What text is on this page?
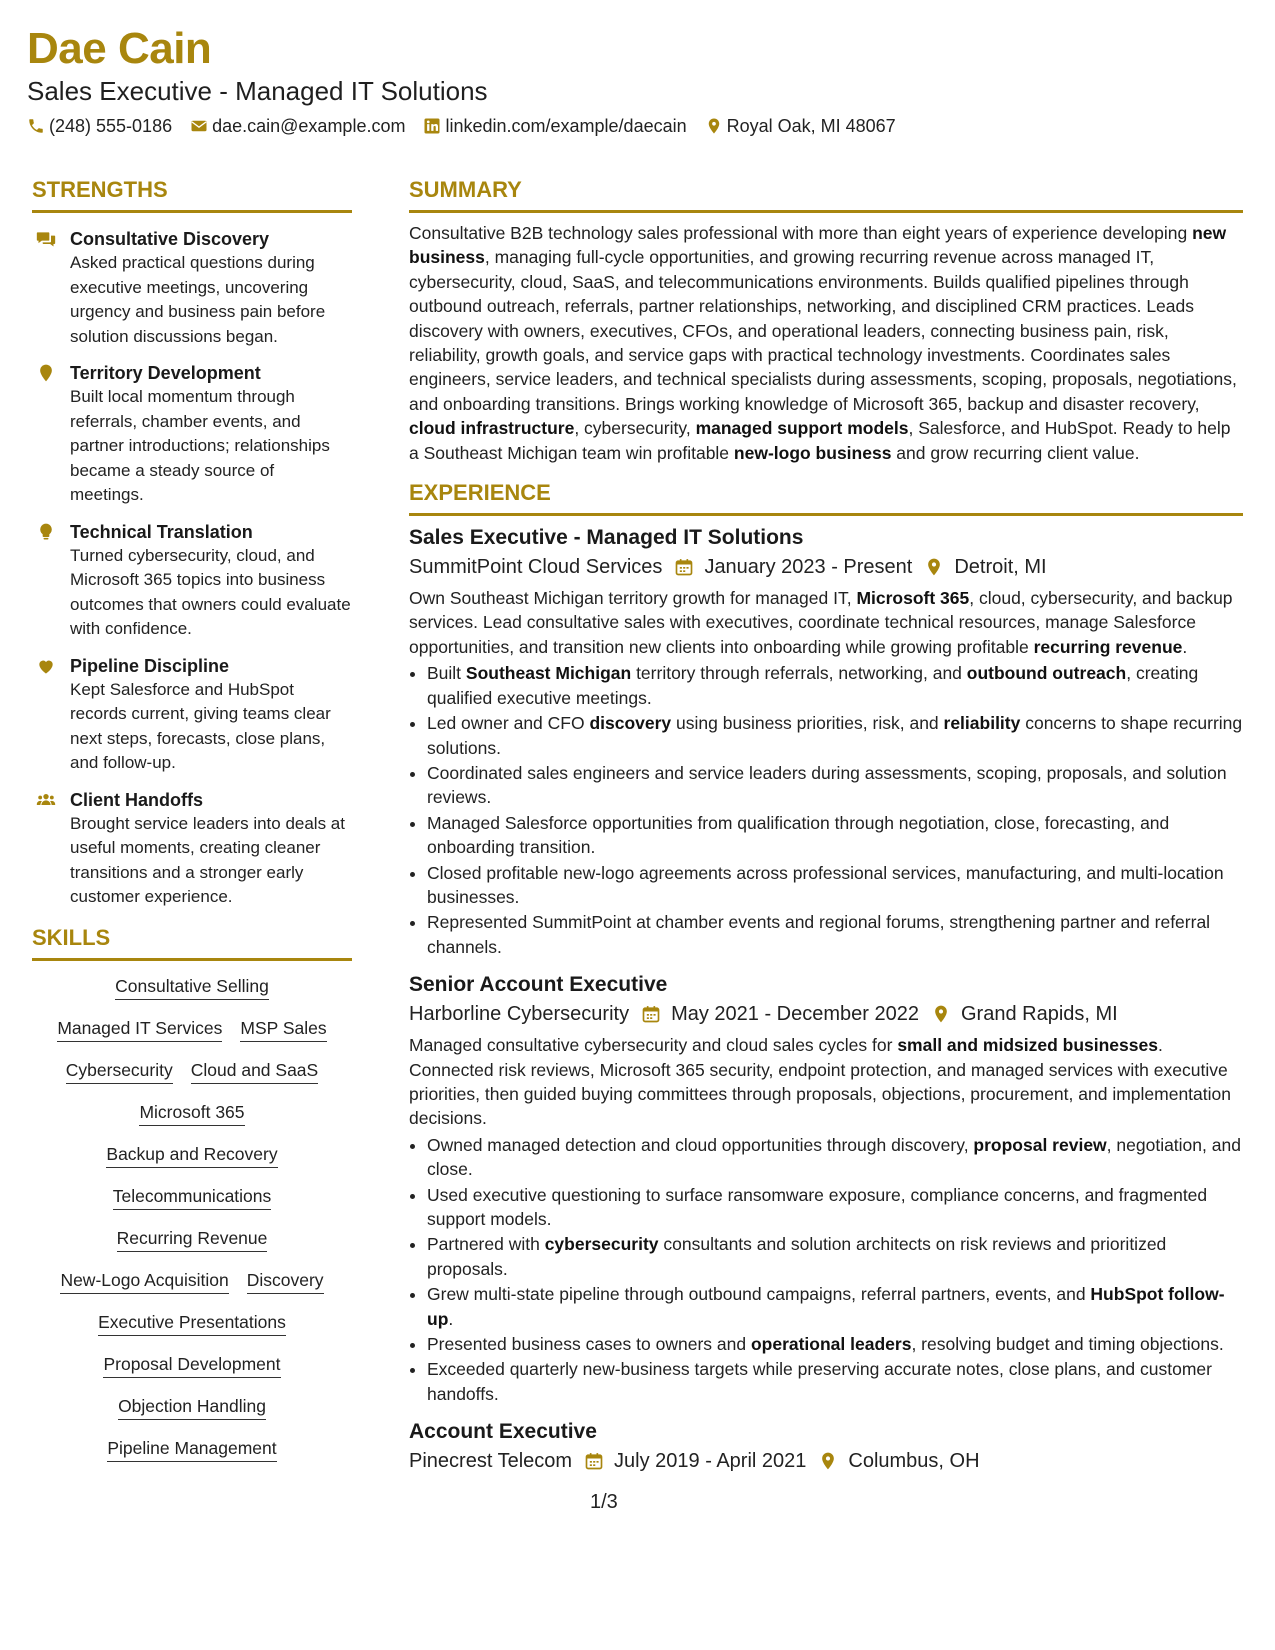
Dae Cain
Sales Executive - Managed IT Solutions
(248) 555-0186 dae.cain@example.com linkedin.com/example/daecain Royal Oak, MI 48067
STRENGTHS
Consultative Discovery
Asked practical questions during executive meetings, uncovering urgency and business pain before solution discussions began.
Territory Development
Built local momentum through referrals, chamber events, and partner introductions; relationships became a steady source of meetings.
Technical Translation
Turned cybersecurity, cloud, and Microsoft 365 topics into business outcomes that owners could evaluate with confidence.
Pipeline Discipline
Kept Salesforce and HubSpot records current, giving teams clear next steps, forecasts, close plans, and follow-up.
Client Handoffs
Brought service leaders into deals at useful moments, creating cleaner transitions and a stronger early customer experience.
SKILLS
Consultative Selling
Managed IT Services MSP Sales
Cybersecurity Cloud and SaaS
Microsoft 365
Backup and Recovery
Telecommunications
Recurring Revenue
New-Logo Acquisition Discovery
Executive Presentations
Proposal Development
Objection Handling
Pipeline Management
SUMMARY
Consultative B2B technology sales professional with more than eight years of experience developing new business, managing full-cycle opportunities, and growing recurring revenue across managed IT, cybersecurity, cloud, SaaS, and telecommunications environments. Builds qualified pipelines through outbound outreach, referrals, partner relationships, networking, and disciplined CRM practices. Leads discovery with owners, executives, CFOs, and operational leaders, connecting business pain, risk, reliability, growth goals, and service gaps with practical technology investments. Coordinates sales engineers, service leaders, and technical specialists during assessments, scoping, proposals, negotiations, and onboarding transitions. Brings working knowledge of Microsoft 365, backup and disaster recovery, cloud infrastructure, cybersecurity, managed support models, Salesforce, and HubSpot. Ready to help a Southeast Michigan team win profitable new-logo business and grow recurring client value.
EXPERIENCE
Sales Executive - Managed IT Solutions
SummitPoint Cloud Services January 2023 - Present Detroit, MI
Own Southeast Michigan territory growth for managed IT, Microsoft 365, cloud, cybersecurity, and backup services. Lead consultative sales with executives, coordinate technical resources, manage Salesforce opportunities, and transition new clients into onboarding while growing profitable recurring revenue.
• Built Southeast Michigan territory through referrals, networking, and outbound outreach, creating qualified executive meetings.
• Led owner and CFO discovery using business priorities, risk, and reliability concerns to shape recurring solutions.
• Coordinated sales engineers and service leaders during assessments, scoping, proposals, and solution reviews.
• Managed Salesforce opportunities from qualification through negotiation, close, forecasting, and onboarding transition.
• Closed profitable new-logo agreements across professional services, manufacturing, and multi-location businesses.
• Represented SummitPoint at chamber events and regional forums, strengthening partner and referral channels.
Senior Account Executive
Harborline Cybersecurity May 2021 - December 2022 Grand Rapids, MI
Managed consultative cybersecurity and cloud sales cycles for small and midsized businesses. Connected risk reviews, Microsoft 365 security, endpoint protection, and managed services with executive priorities, then guided buying committees through proposals, objections, procurement, and implementation decisions.
• Owned managed detection and cloud opportunities through discovery, proposal review, negotiation, and close.
• Used executive questioning to surface ransomware exposure, compliance concerns, and fragmented support models.
• Partnered with cybersecurity consultants and solution architects on risk reviews and prioritized proposals.
• Grew multi-state pipeline through outbound campaigns, referral partners, events, and HubSpot follow-up.
• Presented business cases to owners and operational leaders, resolving budget and timing objections.
• Exceeded quarterly new-business targets while preserving accurate notes, close plans, and customer handoffs.
Account Executive
Pinecrest Telecom July 2019 - April 2021 Columbus, OH
1/3
